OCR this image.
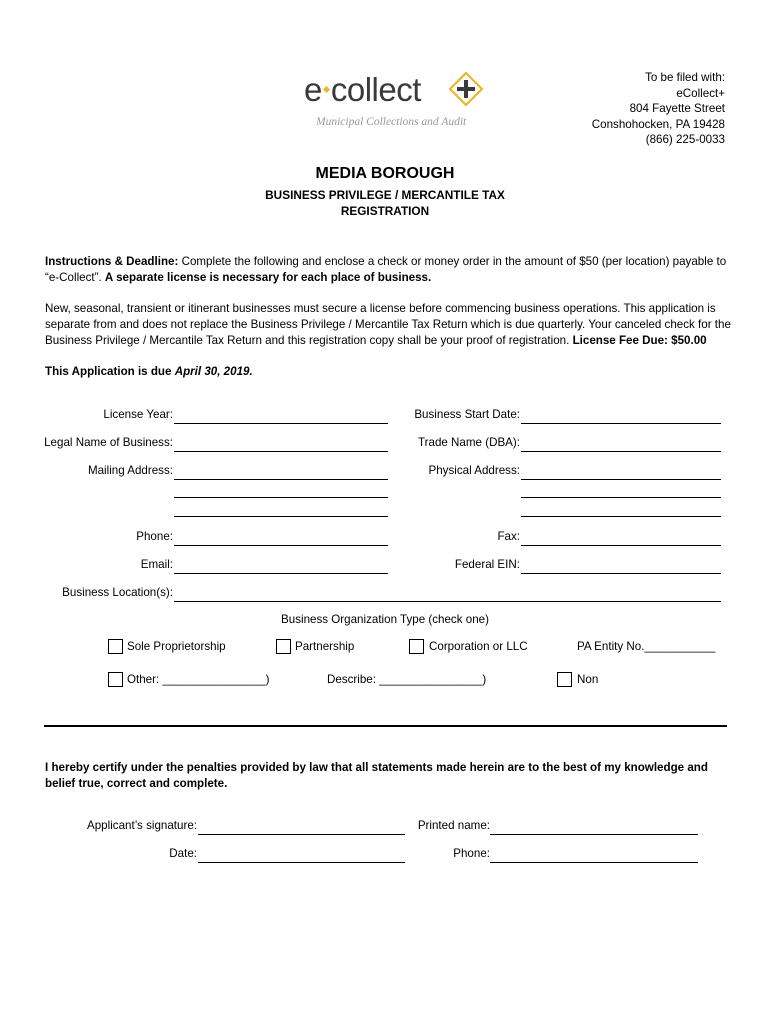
e collect
Municipal Collections and Audit
To be filed with:
eCollect+
804 Fayette Street
Conshohocken, PA 19428
(866) 225-0033
MEDIA BOROUGH
BUSINESS PRIVILEGE / MERCANTILE TAX
REGISTRATION
Instructions & Deadline: Complete the following and enclose a check or money order in the amount of $50 (per location) payable to “e-Collect”. A separate license is necessary for each place of business.
New, seasonal, transient or itinerant businesses must secure a license before commencing business operations. This application is separate from and does not replace the Business Privilege / Mercantile Tax Return which is due quarterly. Your canceled check for the Business Privilege / Mercantile Tax Return and this registration copy shall be your proof of registration. License Fee Due: $50.00
This Application is due April 30, 2019.
License Year:	Business Start Date:
Legal Name of Business:	Trade Name (DBA):
Mailing Address:	Physical Address:
Phone:	Fax:
Email:	Federal EIN:
Business Location(s):
Business Organization Type (check one)
Sole Proprietorship	Partnership	Corporation or LLC	PA Entity No.___________
Other: ________________)	Describe: ________________)	Non
I hereby certify under the penalties provided by law that all statements made herein are to the best of my knowledge and belief true, correct and complete.
Applicant’s signature:	Printed name:
Date:	Phone:
